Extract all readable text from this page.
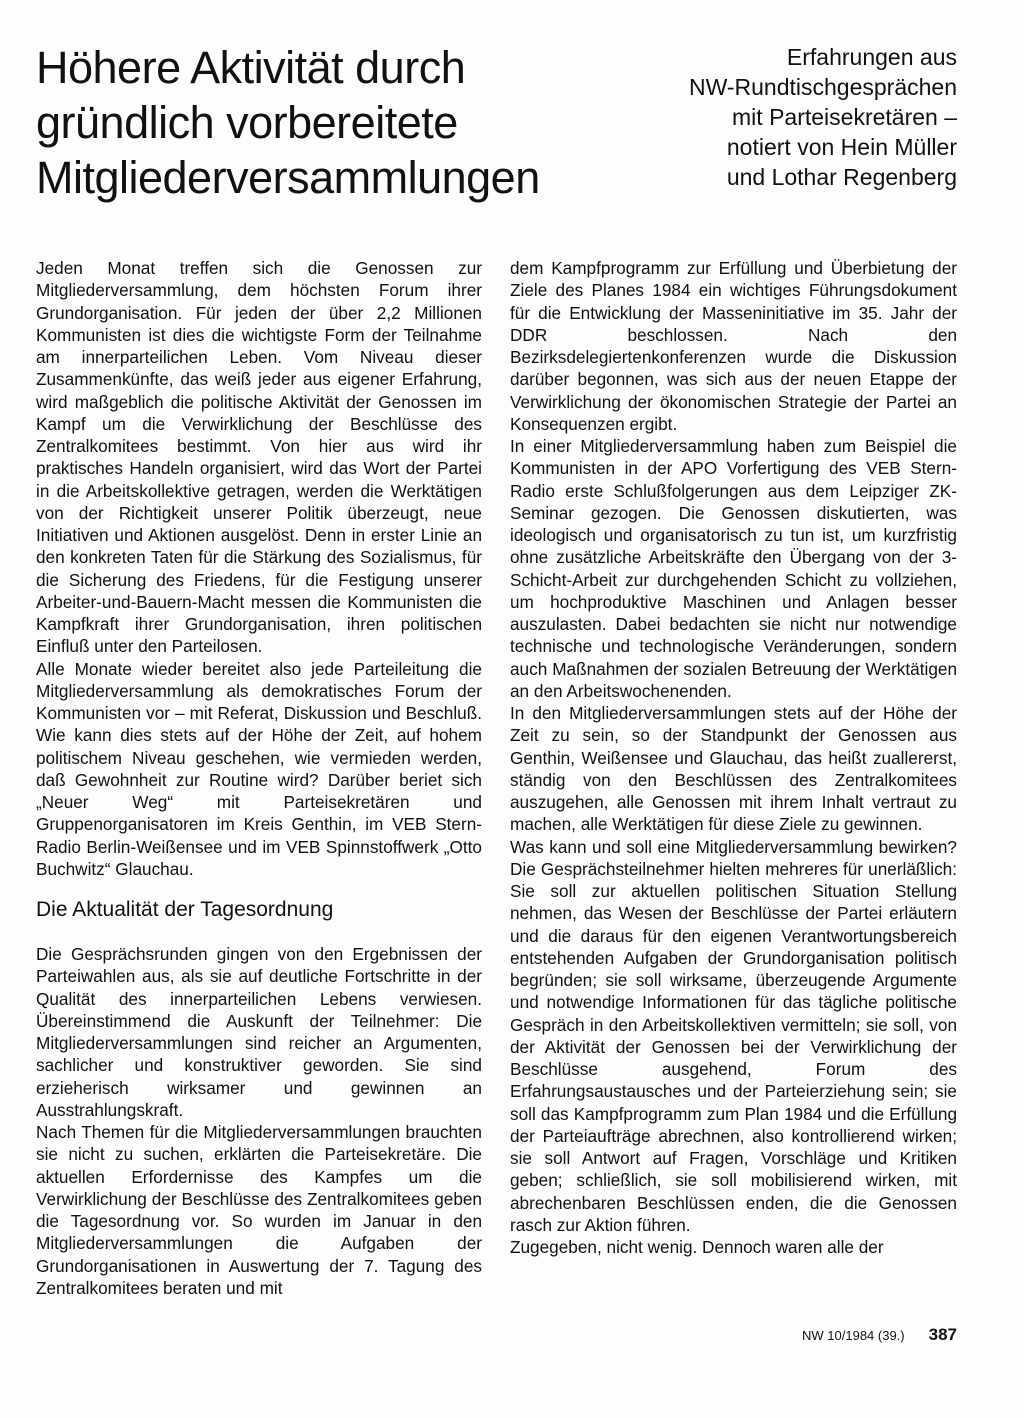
Höhere Aktivität durch
gründlich vorbereitete
Mitgliederversammlungen
Erfahrungen aus
NW-Rundtischgesprächen
mit Parteisekretären –
notiert von Hein Müller
und Lothar Regenberg

Jeden Monat treffen sich die Genossen zur Mitgliederversammlung, dem höchsten Forum ihrer Grundorganisation. Für jeden der über 2,2 Millionen Kommunisten ist dies die wichtigste Form der Teilnahme am innerparteilichen Leben. Vom Niveau dieser Zusammenkünfte, das weiß jeder aus eigener Erfahrung, wird maßgeblich die politische Aktivität der Genossen im Kampf um die Verwirklichung der Beschlüsse des Zentralkomitees bestimmt. Von hier aus wird ihr praktisches Handeln organisiert, wird das Wort der Partei in die Arbeitskollektive getragen, werden die Werktätigen von der Richtigkeit unserer Politik überzeugt, neue Initiativen und Aktionen ausgelöst. Denn in erster Linie an den konkreten Taten für die Stärkung des Sozialismus, für die Sicherung des Friedens, für die Festigung unserer Arbeiter-und-Bauern-Macht messen die Kommunisten die Kampfkraft ihrer Grundorganisation, ihren politischen Einfluß unter den Parteilosen.

Alle Monate wieder bereitet also jede Parteileitung die Mitgliederversammlung als demokratisches Forum der Kommunisten vor – mit Referat, Diskussion und Beschluß. Wie kann dies stets auf der Höhe der Zeit, auf hohem politischem Niveau geschehen, wie vermieden werden, daß Gewohnheit zur Routine wird? Darüber beriet sich „Neuer Weg“ mit Parteisekretären und Gruppenorganisatoren im Kreis Genthin, im VEB Stern-Radio Berlin-Weißensee und im VEB Spinnstoffwerk „Otto Buchwitz“ Glauchau.

Die Aktualität der Tagesordnung

Die Gesprächsrunden gingen von den Ergebnissen der Parteiwahlen aus, als sie auf deutliche Fortschritte in der Qualität des innerparteilichen Lebens verwiesen. Übereinstimmend die Auskunft der Teilnehmer: Die Mitgliederversammlungen sind reicher an Argumenten, sachlicher und konstruktiver geworden. Sie sind erzieherisch wirksamer und gewinnen an Ausstrahlungskraft.

Nach Themen für die Mitgliederversammlungen brauchten sie nicht zu suchen, erklärten die Parteisekretäre. Die aktuellen Erfordernisse des Kampfes um die Verwirklichung der Beschlüsse des Zentralkomitees geben die Tagesordnung vor. So wurden im Januar in den Mitgliederversammlungen die Aufgaben der Grundorganisationen in Auswertung der 7. Tagung des Zentralkomitees beraten und mit

dem Kampfprogramm zur Erfüllung und Überbietung der Ziele des Planes 1984 ein wichtiges Führungsdokument für die Entwicklung der Masseninitiative im 35. Jahr der DDR beschlossen. Nach den Bezirksdelegiertenkonferenzen wurde die Diskussion darüber begonnen, was sich aus der neuen Etappe der Verwirklichung der ökonomischen Strategie der Partei an Konsequenzen ergibt.

In einer Mitgliederversammlung haben zum Beispiel die Kommunisten in der APO Vorfertigung des VEB Stern-Radio erste Schlußfolgerungen aus dem Leipziger ZK-Seminar gezogen. Die Genossen diskutierten, was ideologisch und organisatorisch zu tun ist, um kurzfristig ohne zusätzliche Arbeitskräfte den Übergang von der 3-Schicht-Arbeit zur durchgehenden Schicht zu vollziehen, um hochproduktive Maschinen und Anlagen besser auszulasten. Dabei bedachten sie nicht nur notwendige technische und technologische Veränderungen, sondern auch Maßnahmen der sozialen Betreuung der Werktätigen an den Arbeitswochenenden.

In den Mitgliederversammlungen stets auf der Höhe der Zeit zu sein, so der Standpunkt der Genossen aus Genthin, Weißensee und Glauchau, das heißt zuallererst, ständig von den Beschlüssen des Zentralkomitees auszugehen, alle Genossen mit ihrem Inhalt vertraut zu machen, alle Werktätigen für diese Ziele zu gewinnen.

Was kann und soll eine Mitgliederversammlung bewirken? Die Gesprächsteilnehmer hielten mehreres für unerläßlich: Sie soll zur aktuellen politischen Situation Stellung nehmen, das Wesen der Beschlüsse der Partei erläutern und die daraus für den eigenen Verantwortungsbereich entstehenden Aufgaben der Grundorganisation politisch begründen; sie soll wirksame, überzeugende Argumente und notwendige Informationen für das tägliche politische Gespräch in den Arbeitskollektiven vermitteln; sie soll, von der Aktivität der Genossen bei der Verwirklichung der Beschlüsse ausgehend, Forum des Erfahrungsaustausches und der Parteierziehung sein; sie soll das Kampfprogramm zum Plan 1984 und die Erfüllung der Parteiaufträge abrechnen, also kontrollierend wirken; sie soll Antwort auf Fragen, Vorschläge und Kritiken geben; schließlich, sie soll mobilisierend wirken, mit abrechenbaren Beschlüssen enden, die die Genossen rasch zur Aktion führen.

Zugegeben, nicht wenig. Dennoch waren alle der

NW 10/1984 (39.) 387
